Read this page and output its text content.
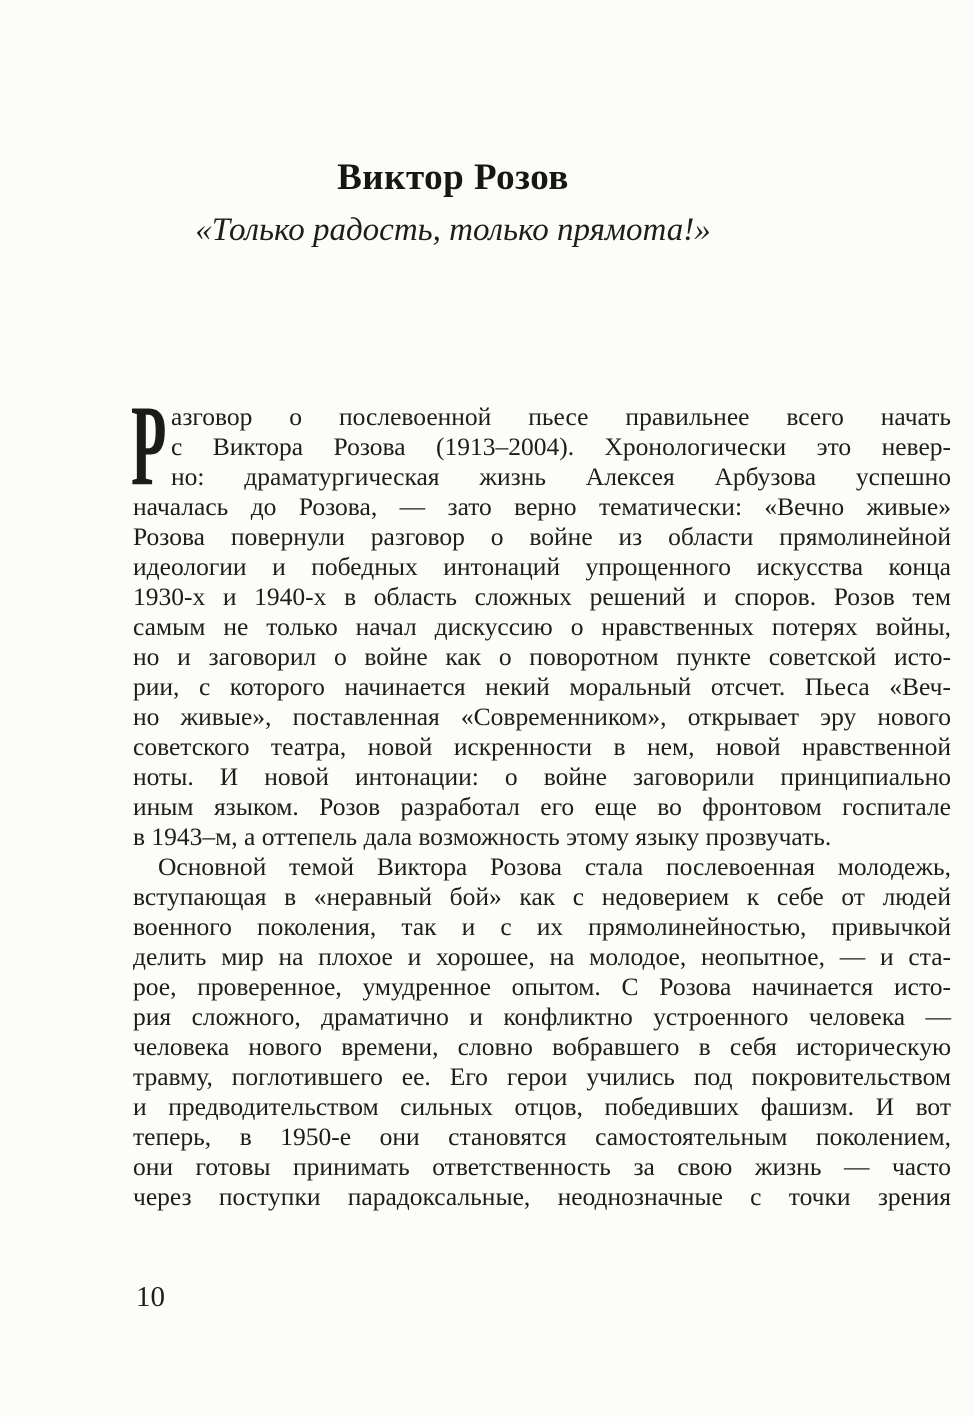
Виктор Розов
«Только радость, только прямота!»
Р азговор о послевоенной пьесе правильнее всего начать
с Виктора Розова (1913–2004). Хронологически это невер-
но: драматургическая жизнь Алексея Арбузова успешно
началась до Розова, — зато верно тематически: «Вечно живые»
Розова повернули разговор о войне из области прямолинейной
идеологии и победных интонаций упрощенного искусства конца
1930-х и 1940-х в область сложных решений и споров. Розов тем
самым не только начал дискуссию о нравственных потерях войны,
но и заговорил о войне как о поворотном пункте советской исто-
рии, с которого начинается некий моральный отсчет. Пьеса «Веч-
но живые», поставленная «Современником», открывает эру нового
советского театра, новой искренности в нем, новой нравственной
ноты. И новой интонации: о войне заговорили принципиально
иным языком. Розов разработал его еще во фронтовом госпитале
в 1943–м, а оттепель дала возможность этому языку прозвучать.
Основной темой Виктора Розова стала послевоенная молодежь,
вступающая в «неравный бой» как с недоверием к себе от людей
военного поколения, так и с их прямолинейностью, привычкой
делить мир на плохое и хорошее, на молодое, неопытное, — и ста-
рое, проверенное, умудренное опытом. С Розова начинается исто-
рия сложного, драматично и конфликтно устроенного человека —
человека нового времени, словно вобравшего в себя историческую
травму, поглотившего ее. Его герои учились под покровительством
и предводительством сильных отцов, победивших фашизм. И вот
теперь, в 1950-е они становятся самостоятельным поколением,
они готовы принимать ответственность за свою жизнь — часто
через поступки парадоксальные, неоднозначные с точки зрения
10
